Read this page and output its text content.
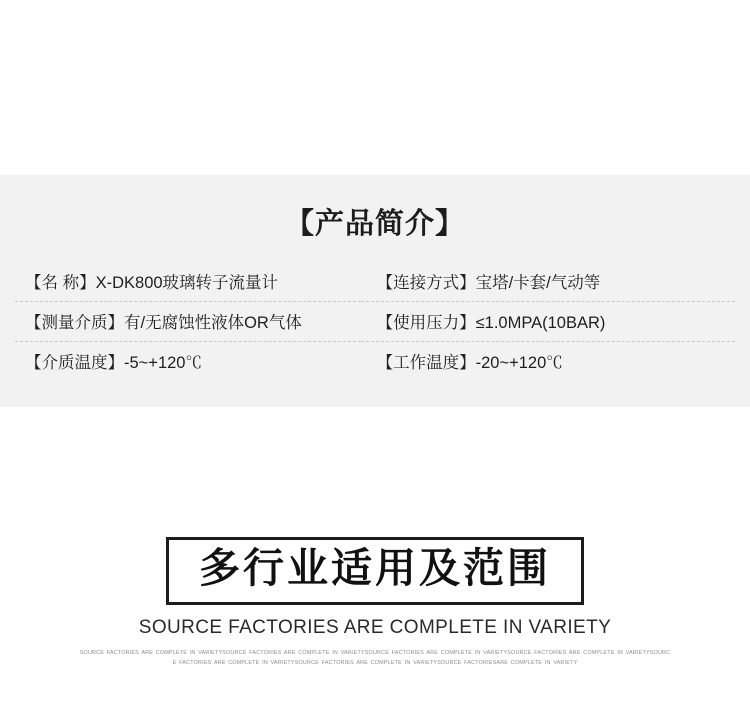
【产品简介】
【名 称】X-DK800玻璃转子流量计	【连接方式】宝塔/卡套/气动等
【测量介质】有/无腐蚀性液体OR气体	【使用压力】≤1.0MPA(10BAR)
【介质温度】-5~+120℃	【工作温度】-20~+120℃
多行业适用及范围
SOURCE FACTORIES ARE COMPLETE IN VARIETY
SOURCE FACTORIES ARE COMPLETE IN VARIETYSOURCE FACTORIES ARE COMPLETE IN VARIETYSOURCE FACTORIES ARE COMPLETE IN VARIETYSOURCE FACTORIES ARE COMPLETE IN VARIETYSOURC
E FACTORIES ARE COMPLETE IN VARIETYSOURCE FACTORIES ARE COMPLETE IN VARIETYSOURCE FACTORIESARE COMPLETE IN VARIETY
